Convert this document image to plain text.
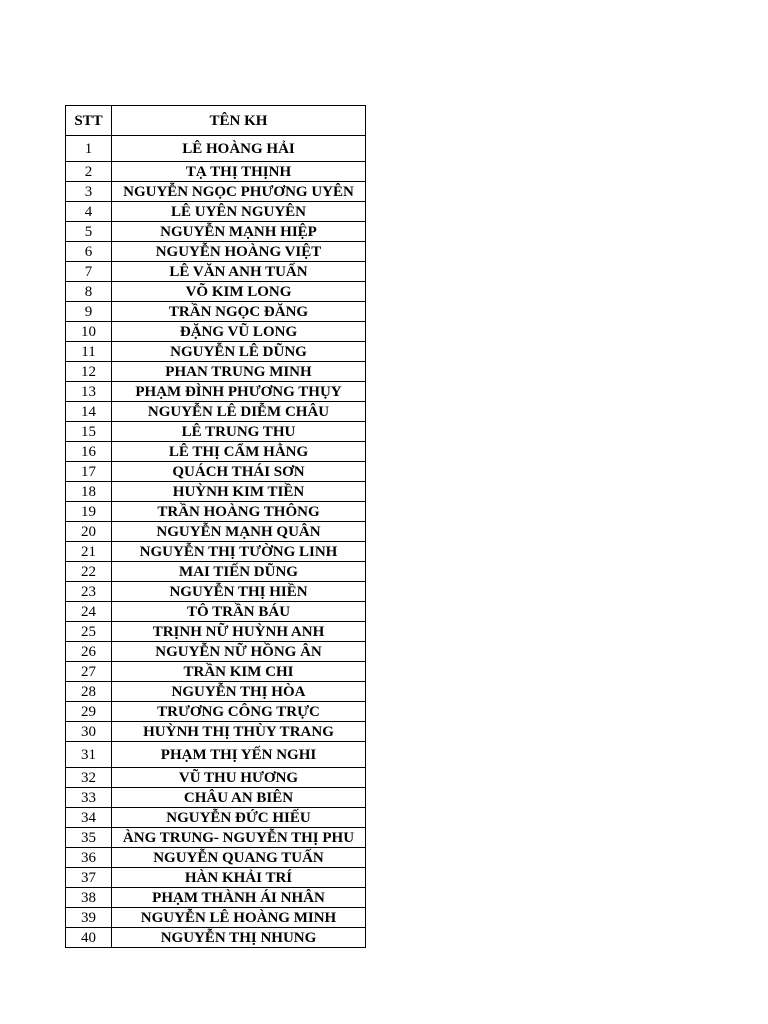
STT	TÊN KH
1	LÊ HOÀNG HẢI
2	TẠ THỊ THỊNH
3	NGUYỄN NGỌC PHƯƠNG UYÊN
4	LÊ UYÊN NGUYÊN
5	NGUYỄN MẠNH HIỆP
6	NGUYỄN HOÀNG VIỆT
7	LÊ VĂN ANH TUẤN
8	VÕ KIM LONG
9	TRẦN NGỌC ĐĂNG
10	ĐẶNG VŨ LONG
11	NGUYỄN LÊ DŨNG
12	PHAN TRUNG MINH
13	PHẠM ĐÌNH PHƯƠNG THỤY
14	NGUYỄN LÊ DIỄM CHÂU
15	LÊ TRUNG THU
16	LÊ THỊ CẨM HẰNG
17	QUÁCH THÁI SƠN
18	HUỲNH KIM TIỀN
19	TRẦN HOÀNG THÔNG
20	NGUYỄN MẠNH QUÂN
21	NGUYỄN THỊ TƯỜNG LINH
22	MAI TIẾN DŨNG
23	NGUYỄN THỊ HIỀN
24	TÔ TRẦN BÁU
25	TRỊNH NỮ HUỲNH ANH
26	NGUYỄN NỮ HỒNG ÂN
27	TRẦN KIM CHI
28	NGUYỄN THỊ HÒA
29	TRƯƠNG CÔNG TRỰC
30	HUỲNH THỊ THÙY TRANG
31	PHẠM THỊ YẾN NGHI
32	VŨ THU HƯƠNG
33	CHÂU AN BIÊN
34	NGUYỄN ĐỨC HIẾU
35	ÀNG TRUNG- NGUYỄN THỊ PHU
36	NGUYỄN QUANG TUẤN
37	HÀN KHẢI TRÍ
38	PHẠM THÀNH ÁI NHÂN
39	NGUYỄN LÊ HOÀNG MINH
40	NGUYỄN THỊ NHUNG
